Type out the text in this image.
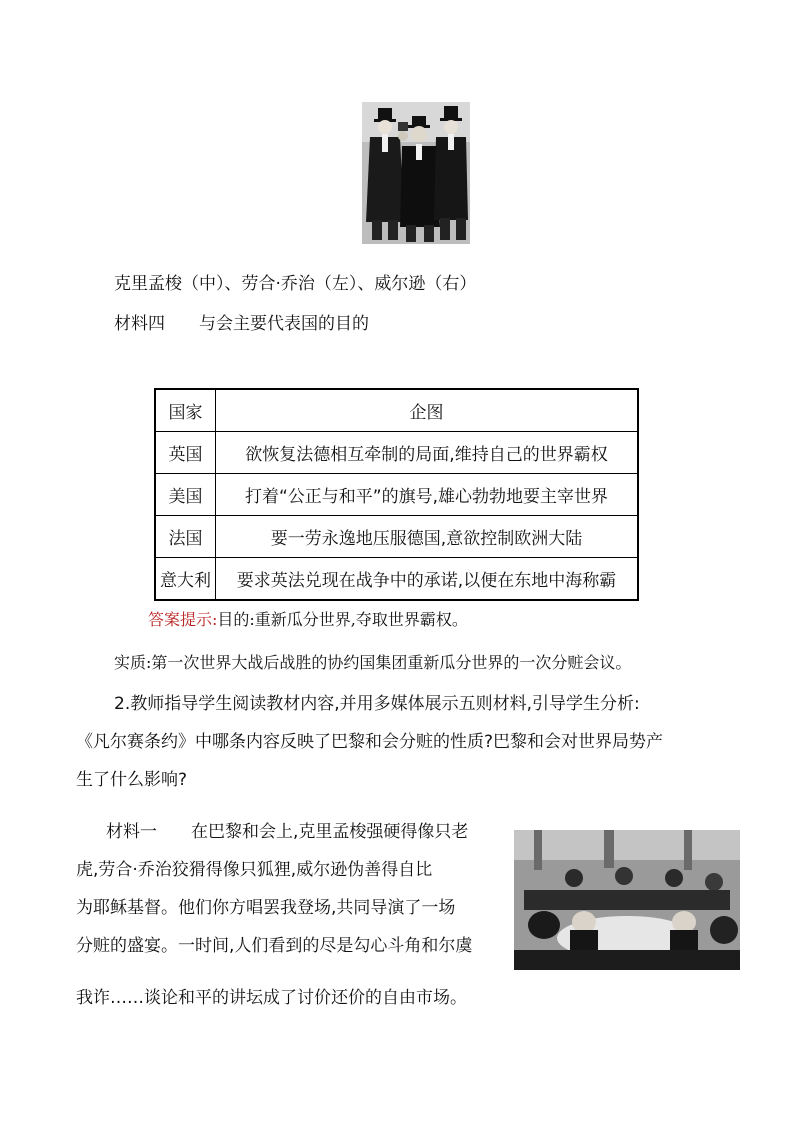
克里孟梭（中）、劳合·乔治（左）、威尔逊（右）
材料四　　与会主要代表国的目的
国家	企图
英国	欲恢复法德相互牵制的局面,维持自己的世界霸权
美国	打着“公正与和平”的旗号,雄心勃勃地要主宰世界
法国	要一劳永逸地压服德国,意欲控制欧洲大陆
意大利	要求英法兑现在战争中的承诺,以便在东地中海称霸
答案提示:目的:重新瓜分世界,夺取世界霸权。
实质:第一次世界大战后战胜的协约国集团重新瓜分世界的一次分赃会议。
2.教师指导学生阅读教材内容,并用多媒体展示五则材料,引导学生分析:
《凡尔赛条约》中哪条内容反映了巴黎和会分赃的性质?巴黎和会对世界局势产
生了什么影响?
材料一　　在巴黎和会上,克里孟梭强硬得像只老
虎,劳合·乔治狡猾得像只狐狸,威尔逊伪善得自比
为耶稣基督。他们你方唱罢我登场,共同导演了一场
分赃的盛宴。一时间,人们看到的尽是勾心斗角和尔虞
我诈……谈论和平的讲坛成了讨价还价的自由市场。
